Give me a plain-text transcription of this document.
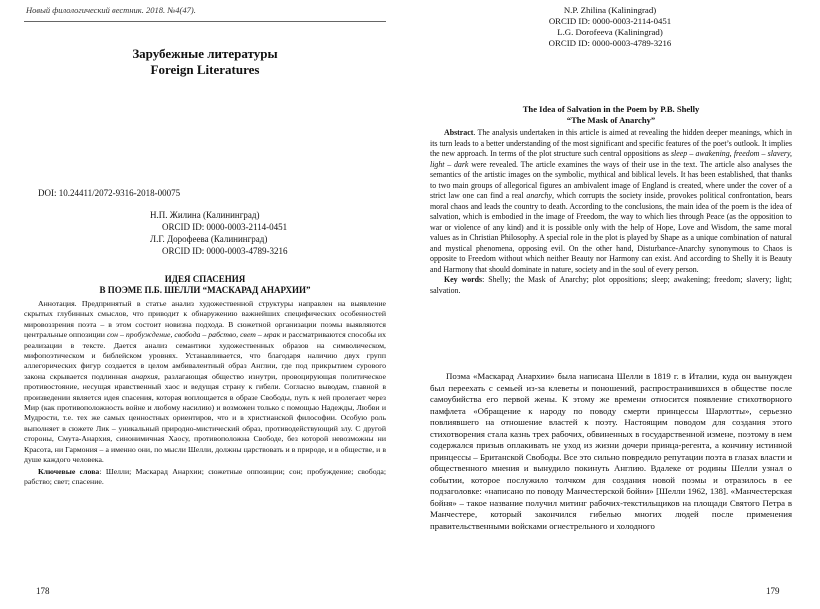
Новый филологический вестник. 2018. №4(47).
Зарубежные литературы
Foreign Literatures
DOI: 10.24411/2072-9316-2018-00075
Н.П. Жилина (Калининград)
ORCID ID: 0000-0003-2114-0451
Л.Г. Дорофеева (Калининград)
ORCID ID: 0000-0003-4789-3216
ИДЕЯ СПАСЕНИЯ
В ПОЭМЕ П.Б. ШЕЛЛИ “МАСКАРАД АНАРХИИ”

Аннотация. Предпринятый в статье анализ художественной структуры направлен на выявление скрытых глубинных смыслов, что приводит к обнаружению важнейших специфических особенностей мировоззрения поэта – в этом состоит новизна подхода. В сюжетной организации поэмы выявляются центральные оппозиции сон – пробуждение, свобода – рабство, свет – мрак и рассматриваются способы их реализации в тексте. Дается анализ семантики художественных образов на символическом, мифопоэтическом и библейском уровнях. Устанавливается, что благодаря наличию двух групп аллегорических фигур создается в целом амбивалентный образ Англии, где под прикрытием сурового закона скрывается подлинная анархия, разлагающая общество изнутри, провоцирующая политическое противостояние, несущая нравственный хаос и ведущая страну к гибели. Согласно выводам, главной в произведении является идея спасения, которая воплощается в образе Свободы, путь к ней пролегает через Мир (как противоположность войне и любому насилию) и возможен только с помощью Надежды, Любви и Мудрости, т.е. тех же самых ценностных ориентиров, что и в христианской философии. Особую роль выполняет в сюжете Лик – уникальный природно-мистический образ, противодействующий злу. С другой стороны, Смута-Анархия, синонимичная Хаосу, противоположна Свободе, без которой невозможны ни Красота, ни Гармония – а именно они, по мысли Шелли, должны царствовать и в природе, и в обществе, и в душе каждого человека.

Ключевые слова: Шелли; Маскарад Анархии; сюжетные оппозиции; сон; пробуждение; свобода; рабство; свет; спасение.

178
N.P. Zhilina (Kaliningrad)
ORCID ID: 0000-0003-2114-0451
L.G. Dorofeeva (Kaliningrad)
ORCID ID: 0000-0003-4789-3216
The Idea of Salvation in the Poem by P.B. Shelly
“The Mask of Anarchy”

Abstract. The analysis undertaken in this article is aimed at revealing the hidden deeper meanings, which in its turn leads to a better understanding of the most significant and specific features of the poet’s outlook. It implies the new approach. In terms of the plot structure such central oppositions as sleep – awakening, freedom – slavery, light – dark were revealed. The article examines the ways of their use in the text. The article also analyses the semantics of the artistic images on the symbolic, mythical and biblical levels. It has been established, that thanks to two main groups of allegorical figures an ambivalent image of England is created, where under the cover of a strict law one can find a real anarchy, which corrupts the society inside, provokes political confrontation, bears moral chaos and leads the country to death. According to the conclusions, the main idea of the poem is the idea of salvation, which is embodied in the image of Freedom, the way to which lies through Peace (as the opposition to war or violence of any kind) and it is possible only with the help of Hope, Love and Wisdom, the same moral values as in Christian Philosophy. A special role in the plot is played by Shape as a unique combination of natural and mystical phenomena, opposing evil. On the other hand, Disturbance-Anarchy synonymous to Chaos is opposite to Freedom without which neither Beauty nor Harmony can exist. And according to Shelly it is Beauty and Harmony that should dominate in nature, society and in the soul of every person.

Key words: Shelly; the Mask of Anarchy; plot oppositions; sleep; awakening; freedom; slavery; light; salvation.

Поэма «Маскарад Анархии» была написана Шелли в 1819 г. в Италии, куда он вынужден был переехать с семьей из-за клеветы и поношений, распространившихся в обществе после самоубийства его первой жены. К этому же времени относится появление стихотворного памфлета «Обращение к народу по поводу смерти принцессы Шарлотты», серьезно повлиявшего на отношение властей к поэту. Настоящим поводом для создания этого стихотворения стала казнь трех рабочих, обвиненных в государственной измене, поэтому в нем содержался призыв оплакивать не уход из жизни дочери принца-регента, а кончину истинной принцессы – Британской Свободы. Все это сильно повредило репутации поэта в глазах власти и общественного мнения и вынудило покинуть Англию. Вдалеке от родины Шелли узнал о событии, которое послужило толчком для создания новой поэмы и отразилось в ее подзаголовке: «написано по поводу Манчестерской бойни» [Шелли 1962, 138]. «Манчестерская бойня» – такое название получил митинг рабочих-текстильщиков на площади Святого Петра в Манчестере, который закончился гибелью многих людей после применения правительственными войсками огнестрельного и холодного

179
